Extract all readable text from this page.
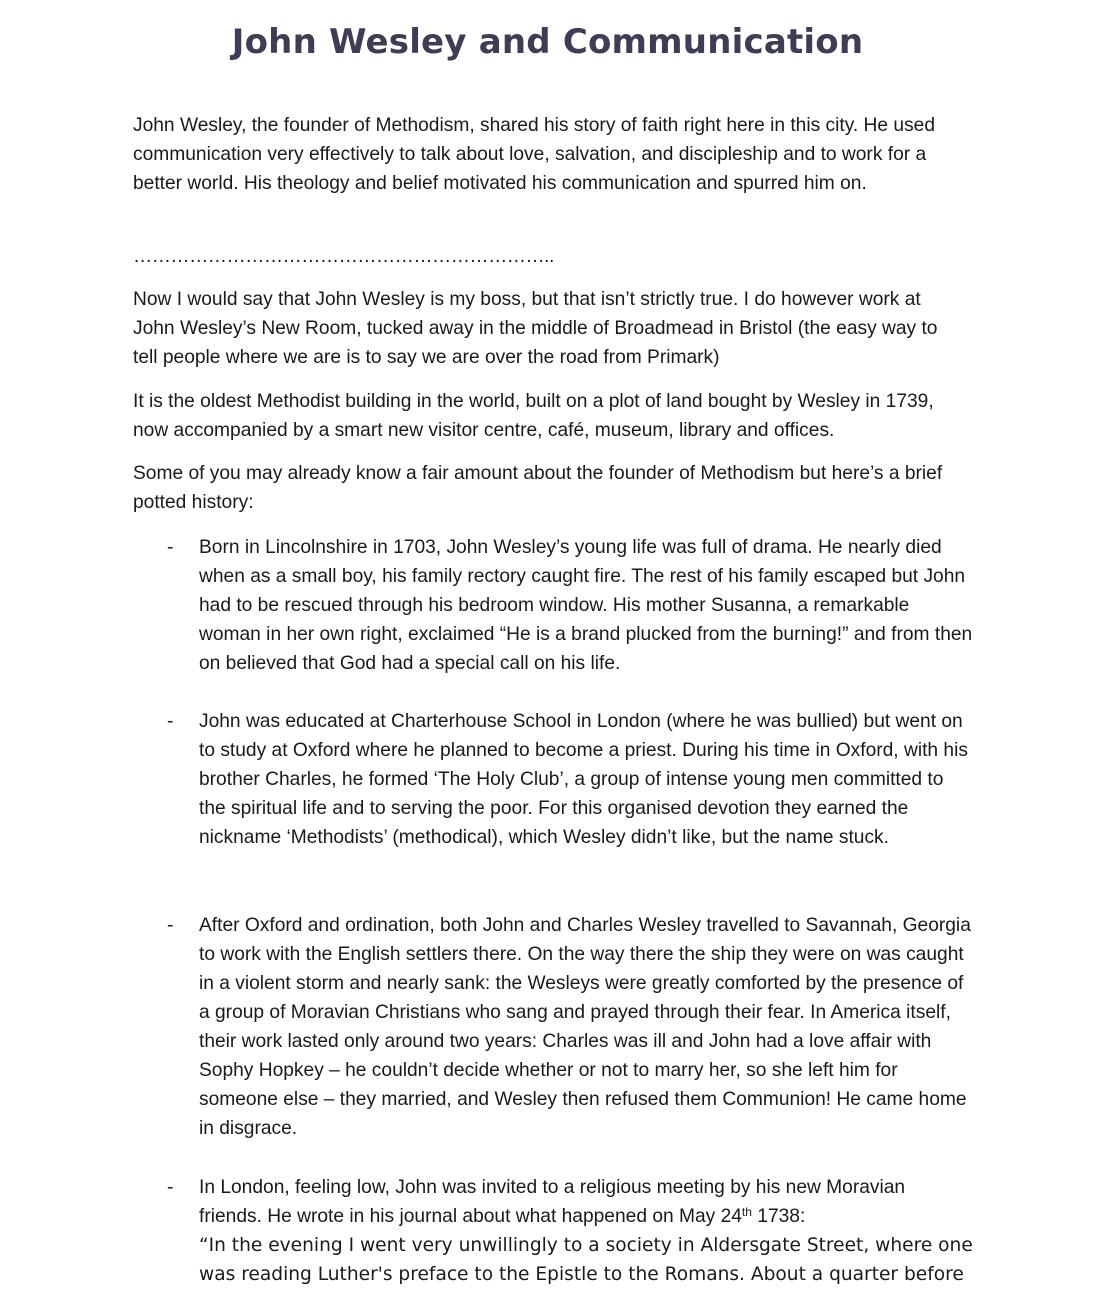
John Wesley and Communication

John Wesley, the founder of Methodism, shared his story of faith right here in this city. He used communication very effectively to talk about love, salvation, and discipleship and to work for a better world. His theology and belief motivated his communication and spurred him on.

…………………………………………………………..

Now I would say that John Wesley is my boss, but that isn’t strictly true. I do however work at John Wesley’s New Room, tucked away in the middle of Broadmead in Bristol (the easy way to tell people where we are is to say we are over the road from Primark)

It is the oldest Methodist building in the world, built on a plot of land bought by Wesley in 1739, now accompanied by a smart new visitor centre, café, museum, library and offices.

Some of you may already know a fair amount about the founder of Methodism but here’s a brief potted history:

- Born in Lincolnshire in 1703, John Wesley’s young life was full of drama. He nearly died when as a small boy, his family rectory caught fire. The rest of his family escaped but John had to be rescued through his bedroom window. His mother Susanna, a remarkable woman in her own right, exclaimed “He is a brand plucked from the burning!” and from then on believed that God had a special call on his life.
- John was educated at Charterhouse School in London (where he was bullied) but went on to study at Oxford where he planned to become a priest. During his time in Oxford, with his brother Charles, he formed ‘The Holy Club’, a group of intense young men committed to the spiritual life and to serving the poor. For this organised devotion they earned the nickname ‘Methodists’ (methodical), which Wesley didn’t like, but the name stuck.
- After Oxford and ordination, both John and Charles Wesley travelled to Savannah, Georgia to work with the English settlers there. On the way there the ship they were on was caught in a violent storm and nearly sank: the Wesleys were greatly comforted by the presence of a group of Moravian Christians who sang and prayed through their fear. In America itself, their work lasted only around two years: Charles was ill and John had a love affair with Sophy Hopkey – he couldn’t decide whether or not to marry her, so she left him for someone else – they married, and Wesley then refused them Communion! He came home in disgrace.
- In London, feeling low, John was invited to a religious meeting by his new Moravian friends. He wrote in his journal about what happened on May 24th 1738:
“In the evening I went very unwillingly to a society in Aldersgate Street, where one was reading Luther's preface to the Epistle to the Romans. About a quarter before
